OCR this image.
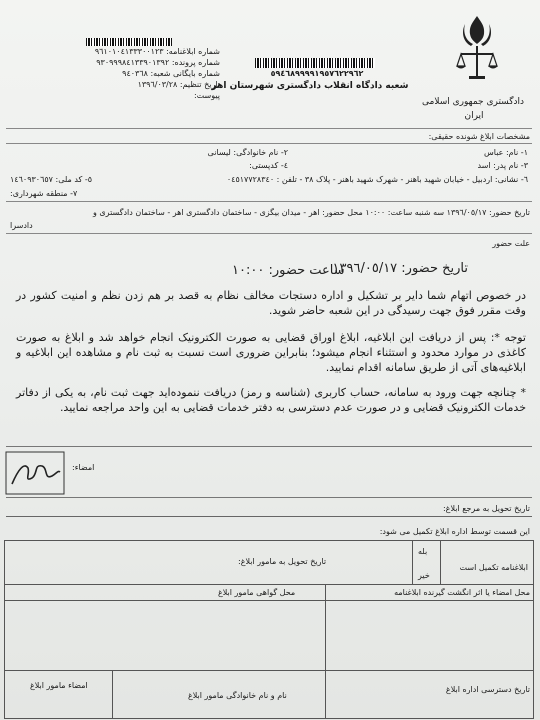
دادگستری جمهوری اسلامی
ایران
٥٩٤٦٨٩٩٩٩١٩٥٧٦٢٢٩٦٢
شعبه دادگاه انقلاب دادگستری شهرستان اهر
شماره ابلاغنامه: ٩٦١٠١٠٤١٣٣٣٠٠١٢٣
شماره پرونده: ٩٣٠٩٩٩٨٤١٣٣٩٠١٣٩٢
شماره بایگانی شعبه: ٩٤٠٣٦٨
تاریخ تنظیم: ١٣٩٦/٠٣/٢٨
پیوست:
مشخصات ابلاغ شونده حقیقی:
١- نام: عباس
٢- نام خانوادگی: لیسانی
٣- نام پدر: اسد
٤- کدپستی:
٥- کد ملی: ١٤٦٠٩٣٠٦٥٧	٦- نشانی: اردبیل - خیابان شهید باهنر - شهرک شهید باهنر - پلاک ٣٨ - تلفن : ٠٤٥١٧٧٢٨٣٤٠
٧- منطقه شهرداری:
تاریخ حضور: ١٣٩٦/٠٥/١٧ سه شنبه ساعت: ١٠:٠٠ محل حضور: اهر - میدان بیگزی - ساختمان دادگستری اهر - ساختمان دادگستری و
دادسرا
علت حضور
تاریخ حضور: ١٣٩٦/٠٥/١٧
ساعت حضور: ١٠:٠٠
در خصوص اتهام شما دایر بر تشکیل و اداره دستجات مخالف نظام به قصد بر هم زدن نظم و امنیت کشور در وقت مقرر فوق جهت رسیدگی در این شعبه حاضر شوید.
توجه *: پس از دریافت این ابلاغیه، ابلاغ اوراق قضایی به صورت الکترونیک انجام خواهد شد و ابلاغ به صورت کاغذی در موارد محدود و استثناء انجام میشود؛ بنابراین ضروری است نسبت به ثبت نام و مشاهده این ابلاغیه و ابلاغیه‌های آتی از طریق سامانه اقدام نمایید.
* چنانچه جهت ورود به سامانه، حساب کاربری (شناسه و رمز) دریافت ننموده‌اید جهت ثبت نام، به یکی از دفاتر خدمات الکترونیک قضایی و در صورت عدم دسترسی به دفتر خدمات قضایی به این واحد مراجعه نمایید.
امضاء:
تاریخ تحویل به مرجع ابلاغ:
این قسمت توسط اداره ابلاغ تکمیل می شود:
ابلاغنامه تکمیل است
بله
خیر
تاریخ تحویل به مامور ابلاغ:
محل امضاء یا اثر انگشت گیرنده ابلاغنامه
محل گواهی مامور ابلاغ
تاریخ دسترسی اداره ابلاغ
نام و نام خانوادگی مامور ابلاغ
امضاء مامور ابلاغ
